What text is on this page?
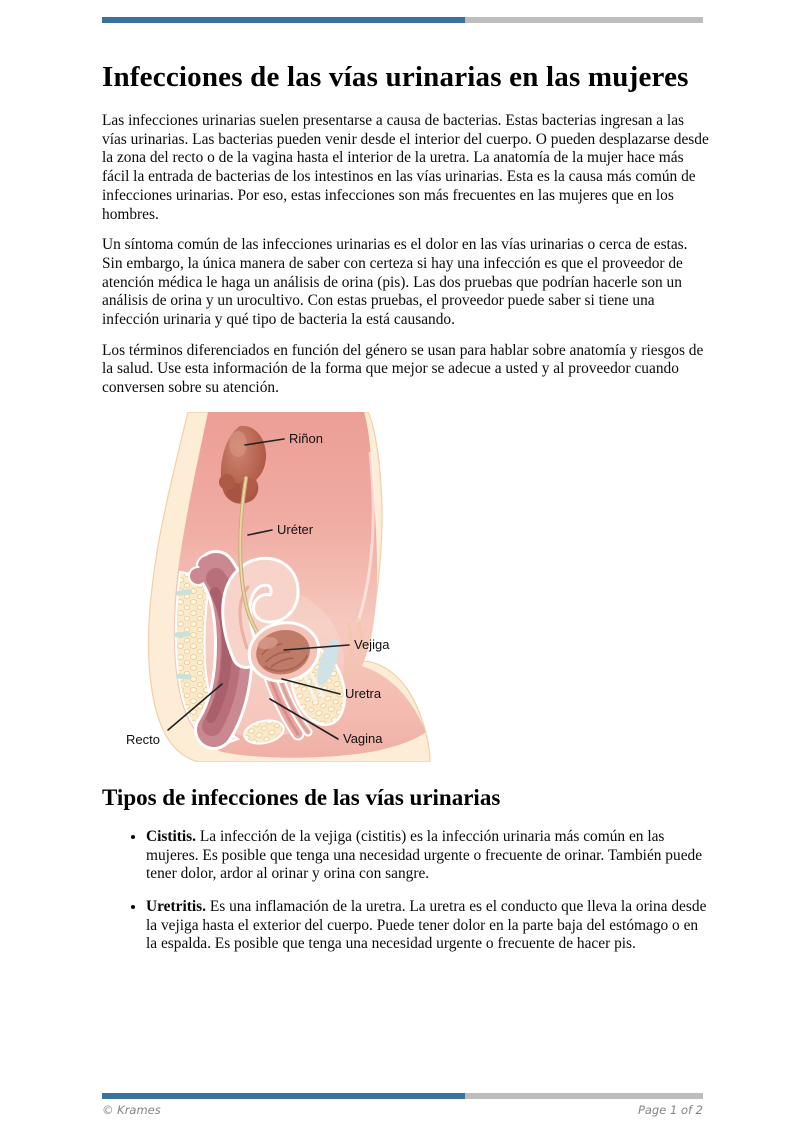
Infecciones de las vías urinarias en las mujeres

Las infecciones urinarias suelen presentarse a causa de bacterias. Estas bacterias ingresan a las vías urinarias. Las bacterias pueden venir desde el interior del cuerpo. O pueden desplazarse desde la zona del recto o de la vagina hasta el interior de la uretra. La anatomía de la mujer hace más fácil la entrada de bacterias de los intestinos en las vías urinarias. Esta es la causa más común de infecciones urinarias. Por eso, estas infecciones son más frecuentes en las mujeres que en los hombres.

Un síntoma común de las infecciones urinarias es el dolor en las vías urinarias o cerca de estas. Sin embargo, la única manera de saber con certeza si hay una infección es que el proveedor de atención médica le haga un análisis de orina (pis). Las dos pruebas que podrían hacerle son un análisis de orina y un urocultivo. Con estas pruebas, el proveedor puede saber si tiene una infección urinaria y qué tipo de bacteria la está causando.

Los términos diferenciados en función del género se usan para hablar sobre anatomía y riesgos de la salud. Use esta información de la forma que mejor se adecue a usted y al proveedor cuando conversen sobre su atención.

Riñon
Uréter
Vejiga
Uretra
Vagina
Recto
Tipos de infecciones de las vías urinarias
• Cistitis. La infección de la vejiga (cistitis) es la infección urinaria más común en las mujeres. Es posible que tenga una necesidad urgente o frecuente de orinar. También puede tener dolor, ardor al orinar y orina con sangre.
• Uretritis. Es una inflamación de la uretra. La uretra es el conducto que lleva la orina desde la vejiga hasta el exterior del cuerpo. Puede tener dolor en la parte baja del estómago o en la espalda. Es posible que tenga una necesidad urgente o frecuente de hacer pis.
© Krames	Page 1 of 2
